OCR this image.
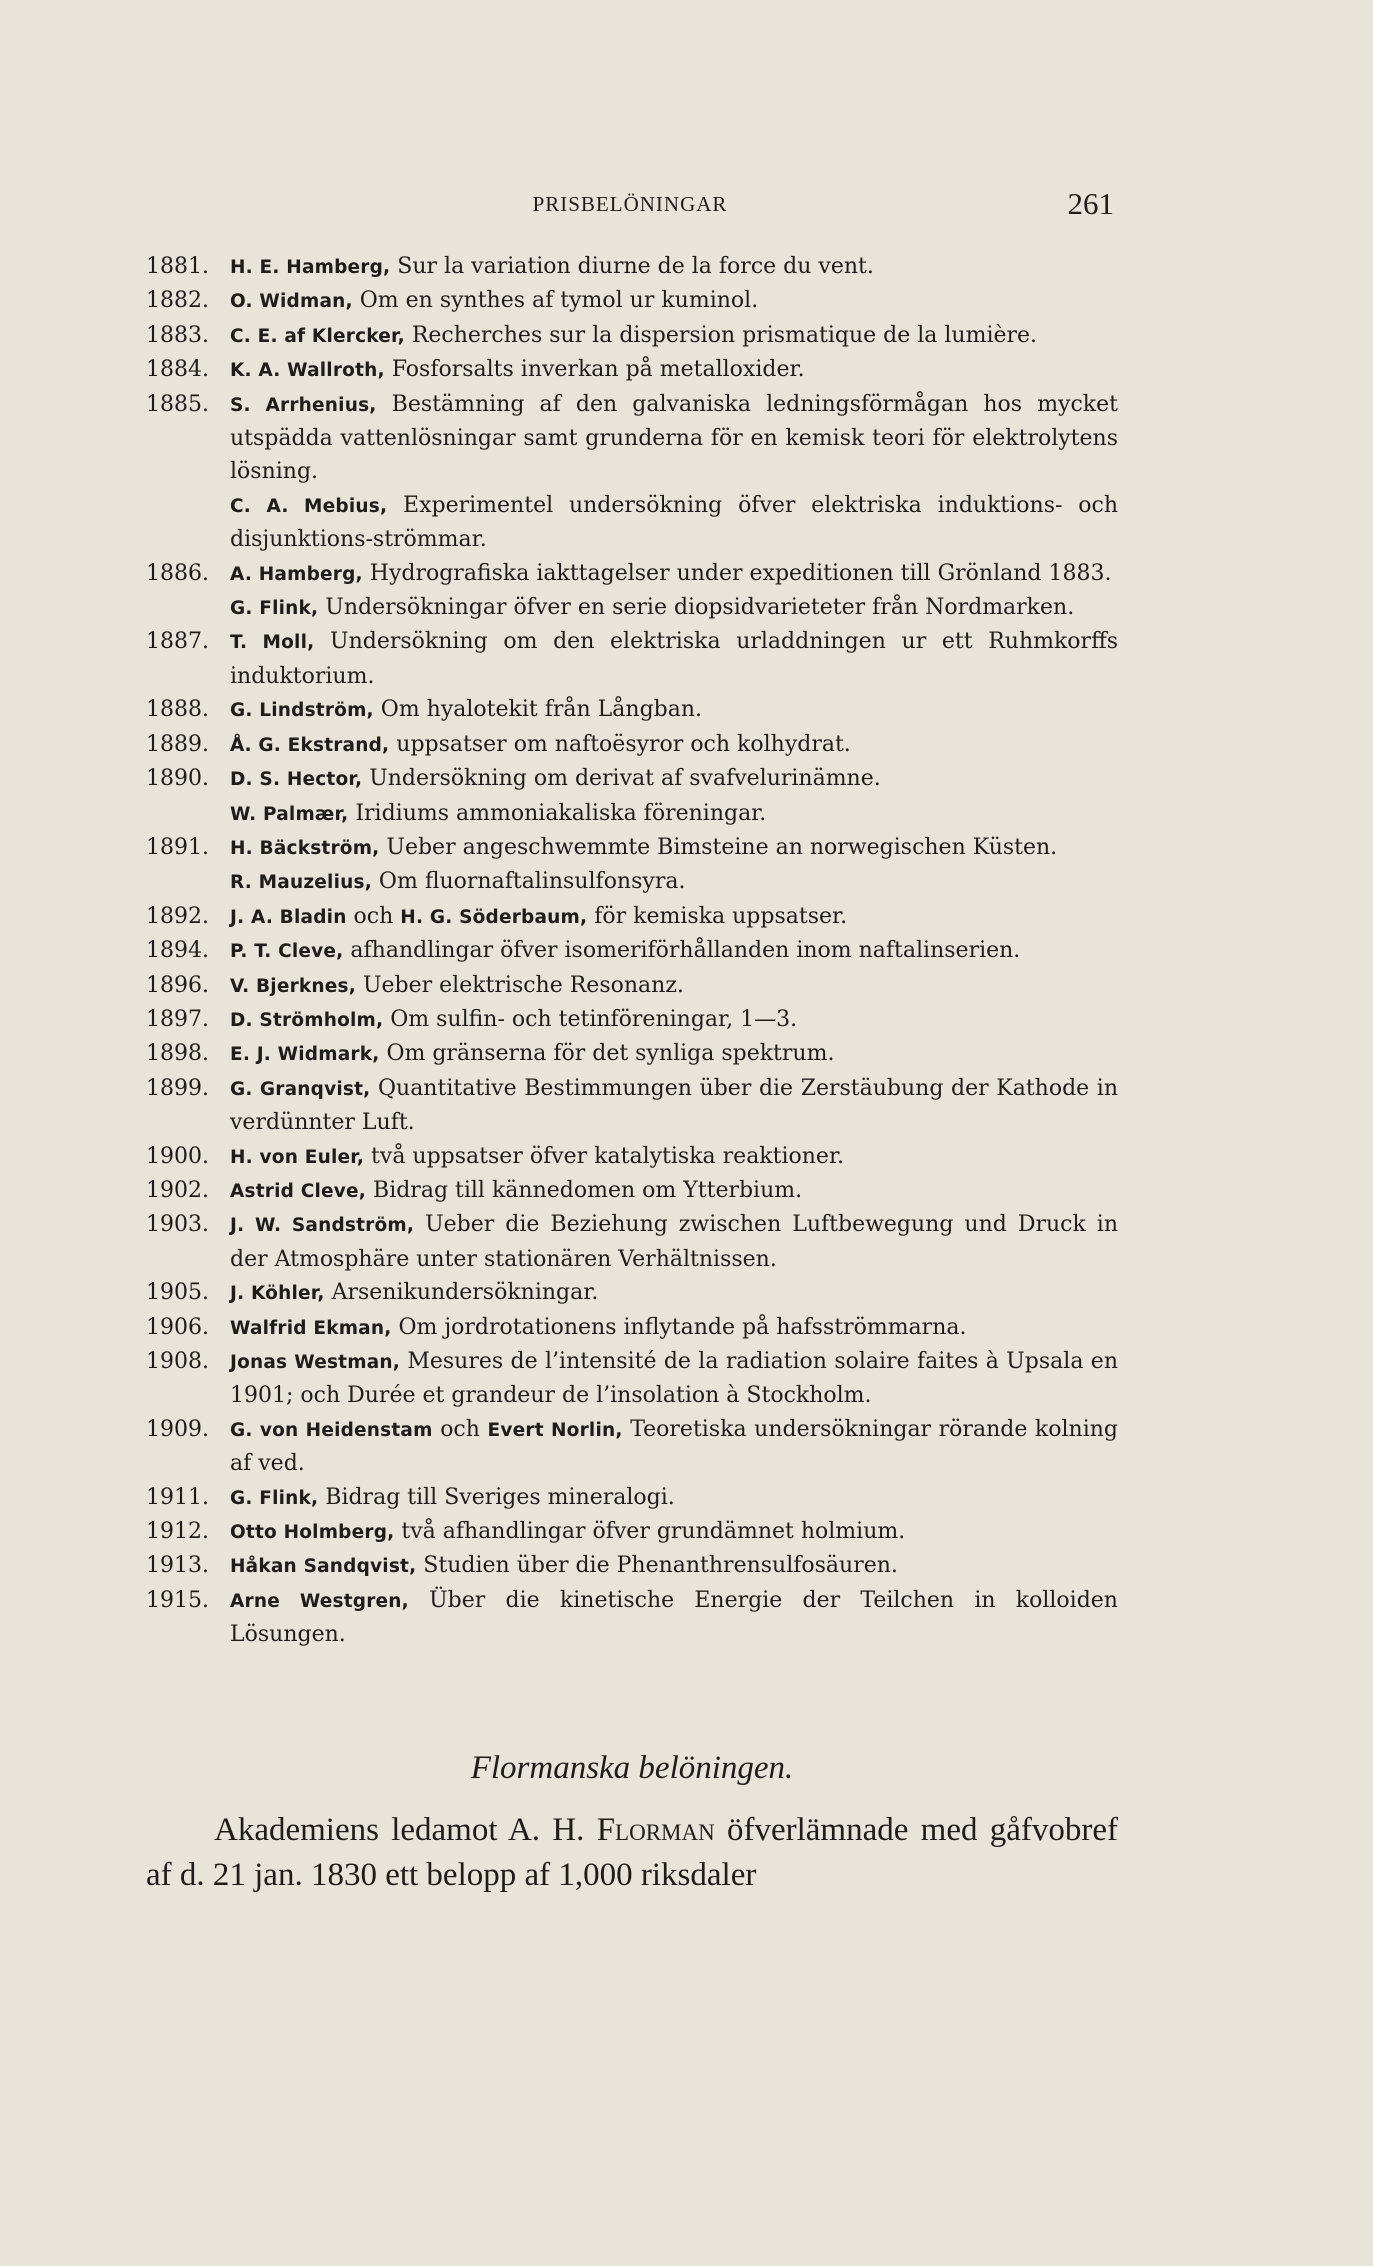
PRISBELÖNINGAR	261
1881.	H. E. Hamberg, Sur la variation diurne de la force du vent.
1882.	O. Widman, Om en synthes af tymol ur kuminol.
1883.	C. E. af Klercker, Recherches sur la dispersion prismatique de la lumière.
1884.	K. A. Wallroth, Fosforsalts inverkan på metalloxider.
1885.	S. Arrhenius, Bestämning af den galvaniska ledningsförmågan hos mycket utspädda vattenlösningar samt grunderna för en kemisk teori för elektrolytens lösning.
C. A. Mebius, Experimentel undersökning öfver elektriska induktions- och disjunktions-strömmar.
1886.	A. Hamberg, Hydrografiska iakttagelser under expeditionen till Grönland 1883.
G. Flink, Undersökningar öfver en serie diopsidvarieteter från Nordmarken.
1887.	T. Moll, Undersökning om den elektriska urladdningen ur ett Ruhmkorffs induktorium.
1888.	G. Lindström, Om hyalotekit från Långban.
1889.	Å. G. Ekstrand, uppsatser om naftoësyror och kolhydrat.
1890.	D. S. Hector, Undersökning om derivat af svafvelurinämne.
W. Palmær, Iridiums ammoniakaliska föreningar.
1891.	H. Bäckström, Ueber angeschwemmte Bimsteine an norwegischen Küsten.
R. Mauzelius, Om fluornaftalinsulfonsyra.
1892.	J. A. Bladin och H. G. Söderbaum, för kemiska uppsatser.
1894.	P. T. Cleve, afhandlingar öfver isomeriförhållanden inom naftalinserien.
1896.	V. Bjerknes, Ueber elektrische Resonanz.
1897.	D. Strömholm, Om sulfin- och tetinföreningar, 1—3.
1898.	E. J. Widmark, Om gränserna för det synliga spektrum.
1899.	G. Granqvist, Quantitative Bestimmungen über die Zerstäubung der Kathode in verdünnter Luft.
1900.	H. von Euler, två uppsatser öfver katalytiska reaktioner.
1902.	Astrid Cleve, Bidrag till kännedomen om Ytterbium.
1903.	J. W. Sandström, Ueber die Beziehung zwischen Luftbewegung und Druck in der Atmosphäre unter stationären Verhältnissen.
1905.	J. Köhler, Arsenikundersökningar.
1906.	Walfrid Ekman, Om jordrotationens inflytande på hafsströmmarna.
1908.	Jonas Westman, Mesures de l’intensité de la radiation solaire faites à Upsala en 1901; och Durée et grandeur de l’insolation à Stockholm.
1909.	G. von Heidenstam och Evert Norlin, Teoretiska undersökningar rörande kolning af ved.
1911.	G. Flink, Bidrag till Sveriges mineralogi.
1912.	Otto Holmberg, två afhandlingar öfver grundämnet holmium.
1913.	Håkan Sandqvist, Studien über die Phenanthrensulfosäuren.
1915.	Arne Westgren, Über die kinetische Energie der Teilchen in kolloiden Lösungen.
Flormanska belöningen.
Akademiens ledamot A. H. Florman öfverlämnade med gåfvobref af d. 21 jan. 1830 ett belopp af 1,000 riksdaler
